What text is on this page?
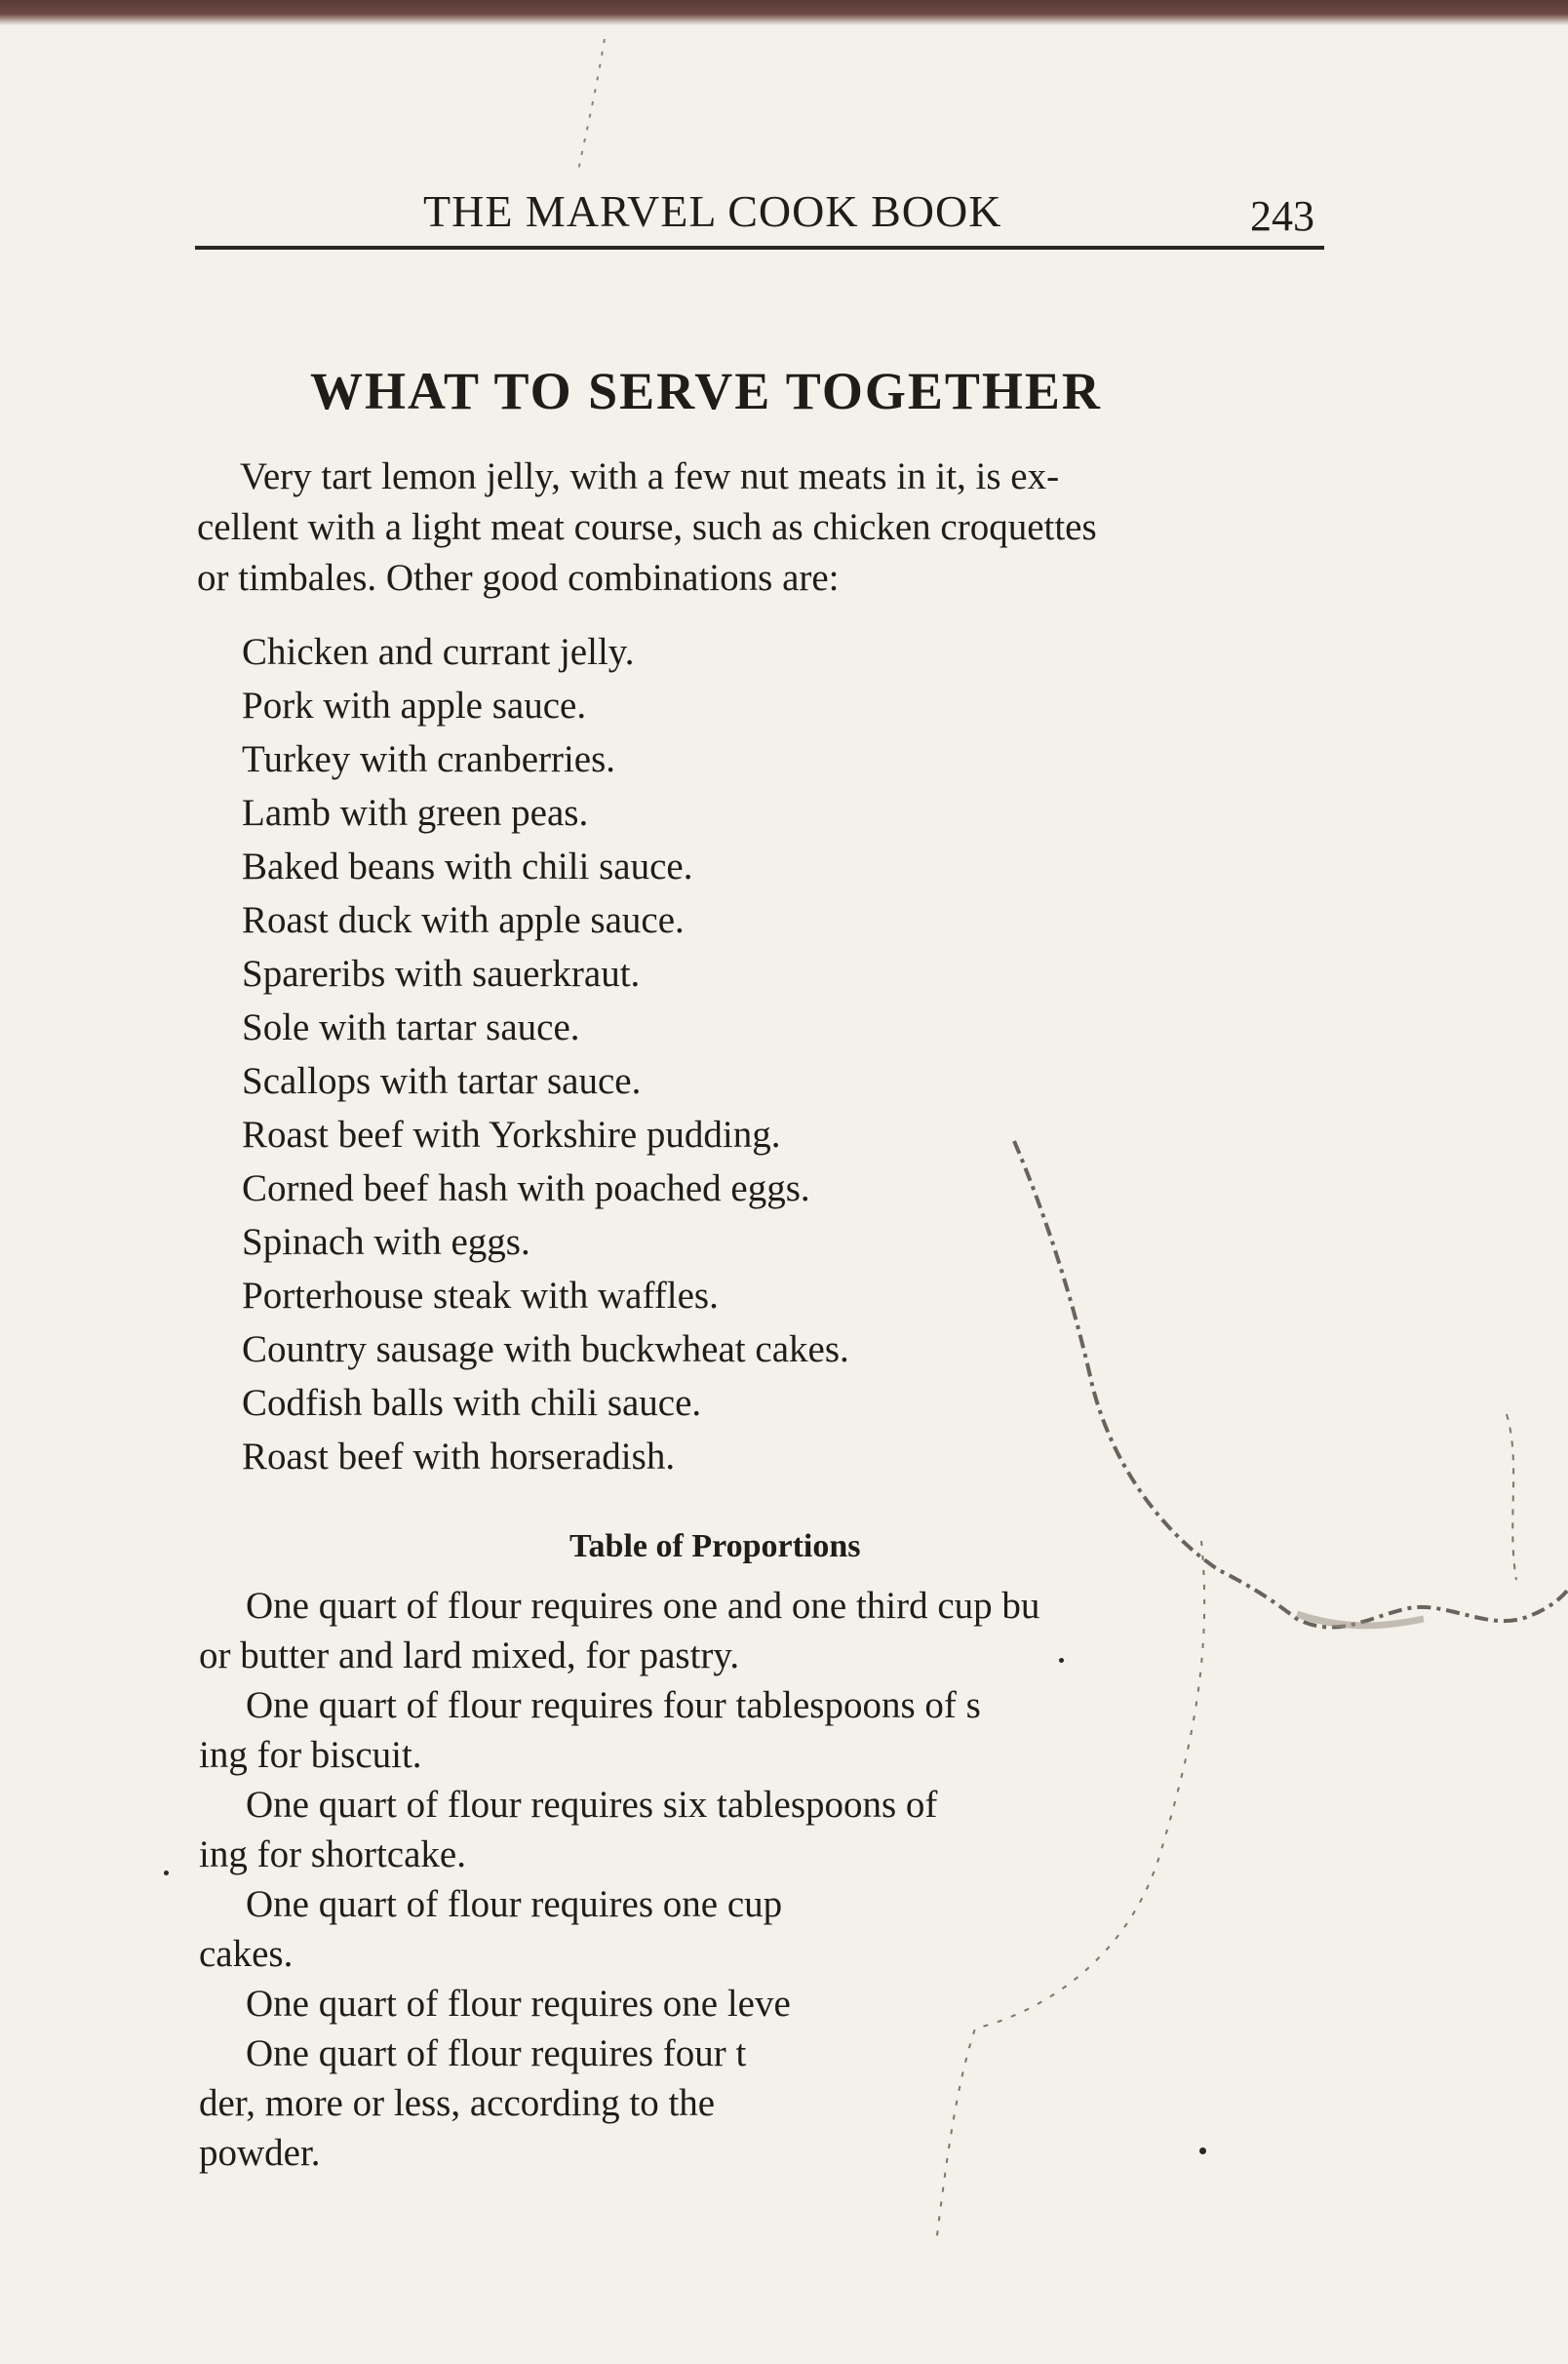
THE MARVEL COOK BOOK	243
WHAT TO SERVE TOGETHER
Very tart lemon jelly, with a few nut meats in it, is ex-
cellent with a light meat course, such as chicken croquettes
or timbales. Other good combinations are:
Chicken and currant jelly.
Pork with apple sauce.
Turkey with cranberries.
Lamb with green peas.
Baked beans with chili sauce.
Roast duck with apple sauce.
Spareribs with sauerkraut.
Sole with tartar sauce.
Scallops with tartar sauce.
Roast beef with Yorkshire pudding.
Corned beef hash with poached eggs.
Spinach with eggs.
Porterhouse steak with waffles.
Country sausage with buckwheat cakes.
Codfish balls with chili sauce.
Roast beef with horseradish.
Table of Proportions
One quart of flour requires one and one third cup bu
or butter and lard mixed, for pastry.
One quart of flour requires four tablespoons of s
ing for biscuit.
One quart of flour requires six tablespoons of
ing for shortcake.
One quart of flour requires one cup
cakes.
One quart of flour requires one leve
One quart of flour requires four t
der, more or less, according to the
powder.
